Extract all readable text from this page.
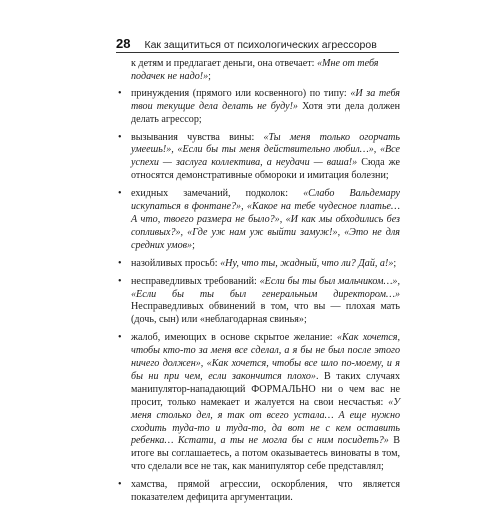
28 Как защититься от психологических агрессоров

к детям и предлагает деньги, она отвечает: «Мне от тебя подачек не надо!»;

• принуждения (прямого или косвенного) по типу: «И за тебя твои текущие дела делать не буду!» Хотя эти дела должен делать агрессор;
• вызывания чувства вины: «Ты меня только огорчать умеешь!», «Если бы ты меня действительно любил…», «Все успехи — заслуга коллектива, а неудачи — ваша!» Сюда же относятся демонстративные обмороки и имитация болезни;
• ехидных замечаний, подколок: «Слабо Вальдемару искупаться в фонтане?», «Какое на тебе чудесное платье… А что, твоего размера не было?», «И как мы обходились без сопливых?», «Где уж нам уж выйти замуж!», «Это не для средних умов»;
• назойливых просьб: «Ну, что ты, жадный, что ли? Дай, а!»;
• несправедливых требований: «Если бы ты был мальчиком…», «Если бы ты был генеральным директором…» Несправедливых обвинений в том, что вы — плохая мать (дочь, сын) или «неблагодарная свинья»;
• жалоб, имеющих в основе скрытое желание: «Как хочется, чтобы кто-то за меня все сделал, а я бы не был после этого ничего должен», «Как хочется, чтобы все шло по-моему, и я бы ни при чем, если закончится плохо». В таких случаях манипулятор-нападающий ФОРМАЛЬНО ни о чем вас не просит, только намекает и жалуется на свои несчастья: «У меня столько дел, я так от всего устала… А еще нужно сходить туда-то и туда-то, да вот не с кем оставить ребенка… Кстати, а ты не могла бы с ним посидеть?» В итоге вы соглашаетесь, а потом оказываетесь виноваты в том, что сделали все не так, как манипулятор себе представлял;
• хамства, прямой агрессии, оскорбления, что является показателем дефицита аргументации.
